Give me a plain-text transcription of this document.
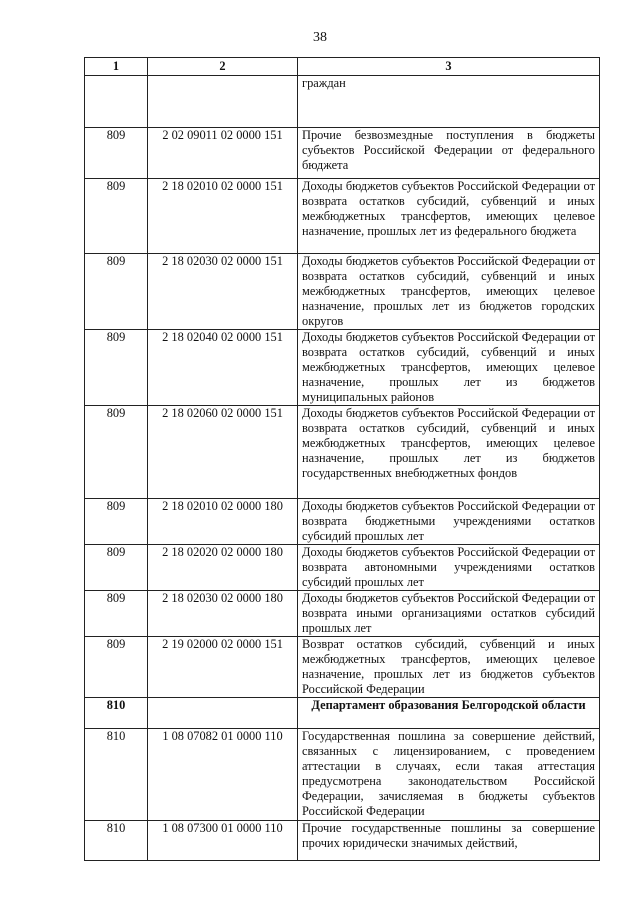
38
1	2	3
		граждан
809	2 02 09011 02 0000 151	Прочие безвозмездные поступления в бюджеты субъектов Российской Федерации от федерального бюджета
809	2 18 02010 02 0000 151	Доходы бюджетов субъектов Российской Федерации от возврата остатков субсидий, субвенций и иных межбюджетных трансфертов, имеющих целевое назначение, прошлых лет из федерального бюджета
809	2 18 02030 02 0000 151	Доходы бюджетов субъектов Российской Федерации от возврата остатков субсидий, субвенций и иных межбюджетных трансфертов, имеющих целевое назначение, прошлых лет из бюджетов городских округов
809	2 18 02040 02 0000 151	Доходы бюджетов субъектов Российской Федерации от возврата остатков субсидий, субвенций и иных межбюджетных трансфертов, имеющих целевое назначение, прошлых лет из бюджетов муниципальных районов
809	2 18 02060 02 0000 151	Доходы бюджетов субъектов Российской Федерации от возврата остатков субсидий, субвенций и иных межбюджетных трансфертов, имеющих целевое назначение, прошлых лет из бюджетов государственных внебюджетных фондов
809	2 18 02010 02 0000 180	Доходы бюджетов субъектов Российской Федерации от возврата бюджетными учреждениями остатков субсидий прошлых лет
809	2 18 02020 02 0000 180	Доходы бюджетов субъектов Российской Федерации от возврата автономными учреждениями остатков субсидий прошлых лет
809	2 18 02030 02 0000 180	Доходы бюджетов субъектов Российской Федерации от возврата иными организациями остатков субсидий прошлых лет
809	2 19 02000 02 0000 151	Возврат остатков субсидий, субвенций и иных межбюджетных трансфертов, имеющих целевое назначение, прошлых лет из бюджетов субъектов Российской Федерации
810		Департамент образования Белгородской области
810	1 08 07082 01 0000 110	Государственная пошлина за совершение действий, связанных с лицензированием, с проведением аттестации в случаях, если такая аттестация предусмотрена законодательством Российской Федерации, зачисляемая в бюджеты субъектов Российской Федерации
810	1 08 07300 01 0000 110	Прочие государственные пошлины за совершение прочих юридически значимых действий,
